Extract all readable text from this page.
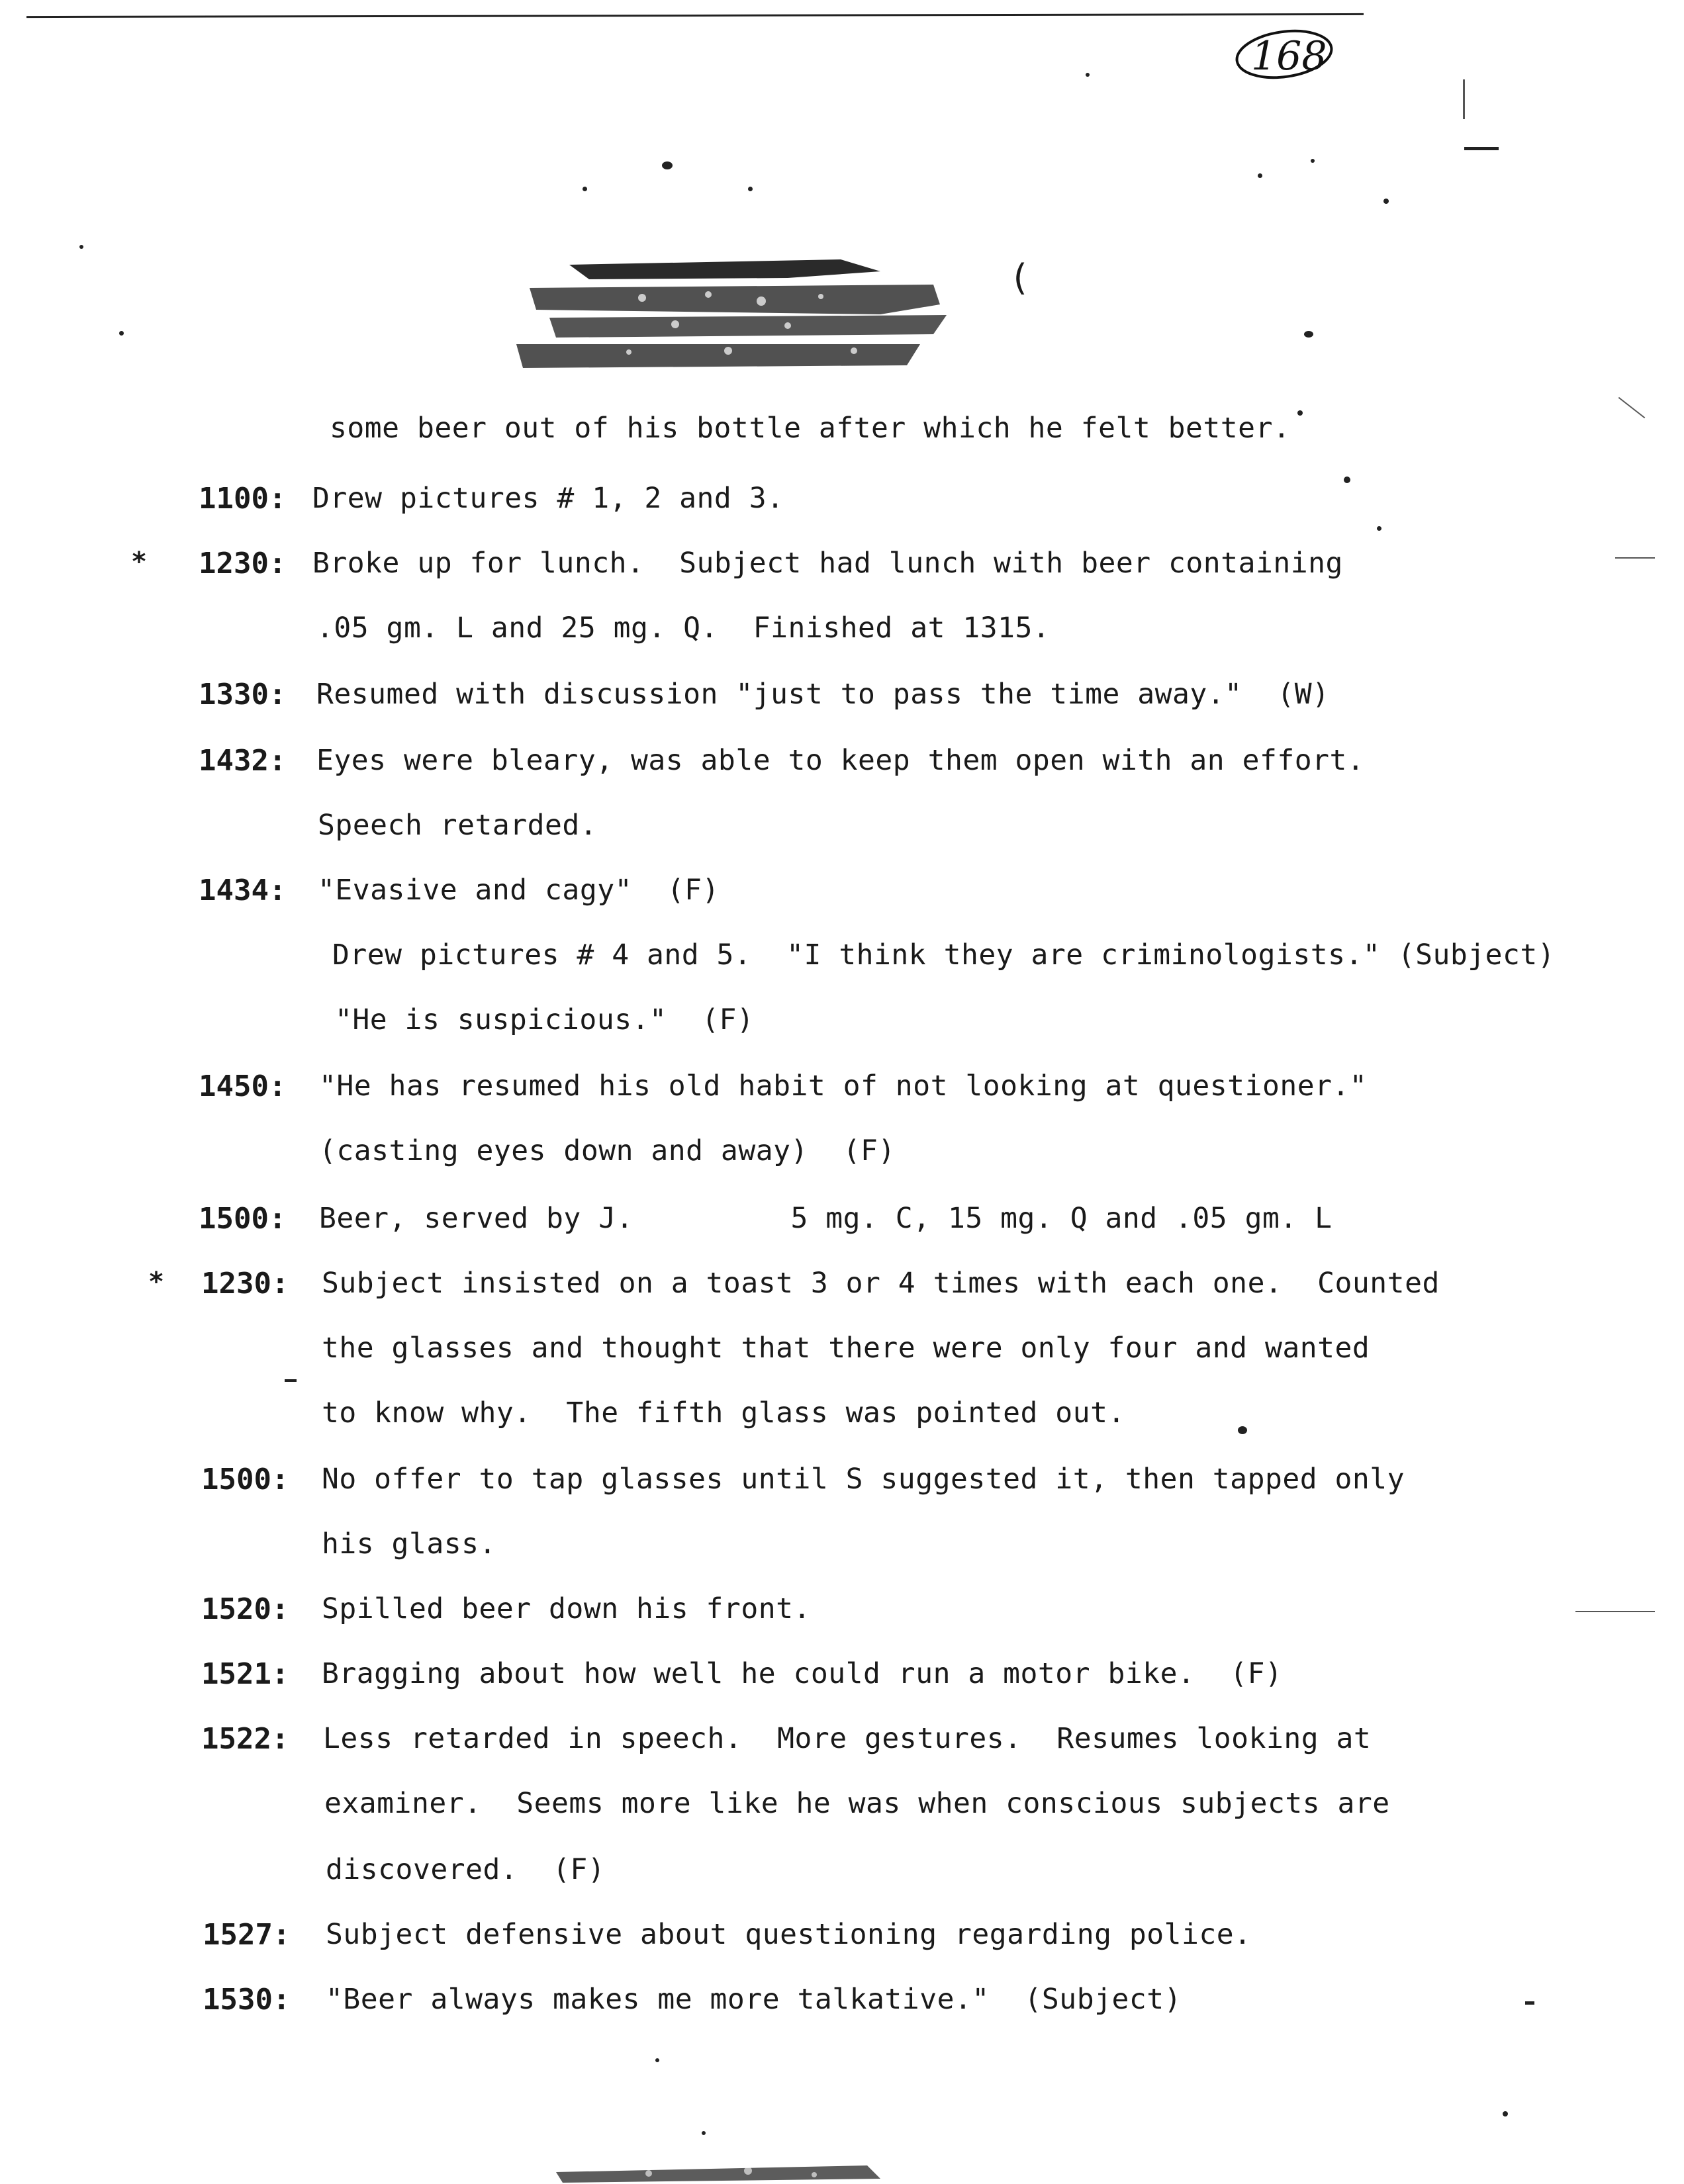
168
(
some beer out of his bottle after which he felt better.
1100: Drew pictures # 1, 2 and 3.
* 1230: Broke up for lunch.  Subject had lunch with beer containing
.05 gm. L and 25 mg. Q.  Finished at 1315.
1330: Resumed with discussion "just to pass the time away."  (W)
1432: Eyes were bleary, was able to keep them open with an effort.
Speech retarded.
1434: "Evasive and cagy"  (F)
Drew pictures # 4 and 5.  "I think they are criminologists." (Subject)
"He is suspicious."  (F)
1450: "He has resumed his old habit of not looking at questioner."
(casting eyes down and away)  (F)
1500: Beer, served by J.         5 mg. C, 15 mg. Q and .05 gm. L
* 1230: Subject insisted on a toast 3 or 4 times with each one.  Counted
the glasses and thought that there were only four and wanted
to know why.  The fifth glass was pointed out.
1500: No offer to tap glasses until S suggested it, then tapped only
his glass.
1520: Spilled beer down his front.
1521: Bragging about how well he could run a motor bike.  (F)
1522: Less retarded in speech.  More gestures.  Resumes looking at
examiner.  Seems more like he was when conscious subjects are
discovered.  (F)
1527: Subject defensive about questioning regarding police.
1530: "Beer always makes me more talkative."  (Subject)
